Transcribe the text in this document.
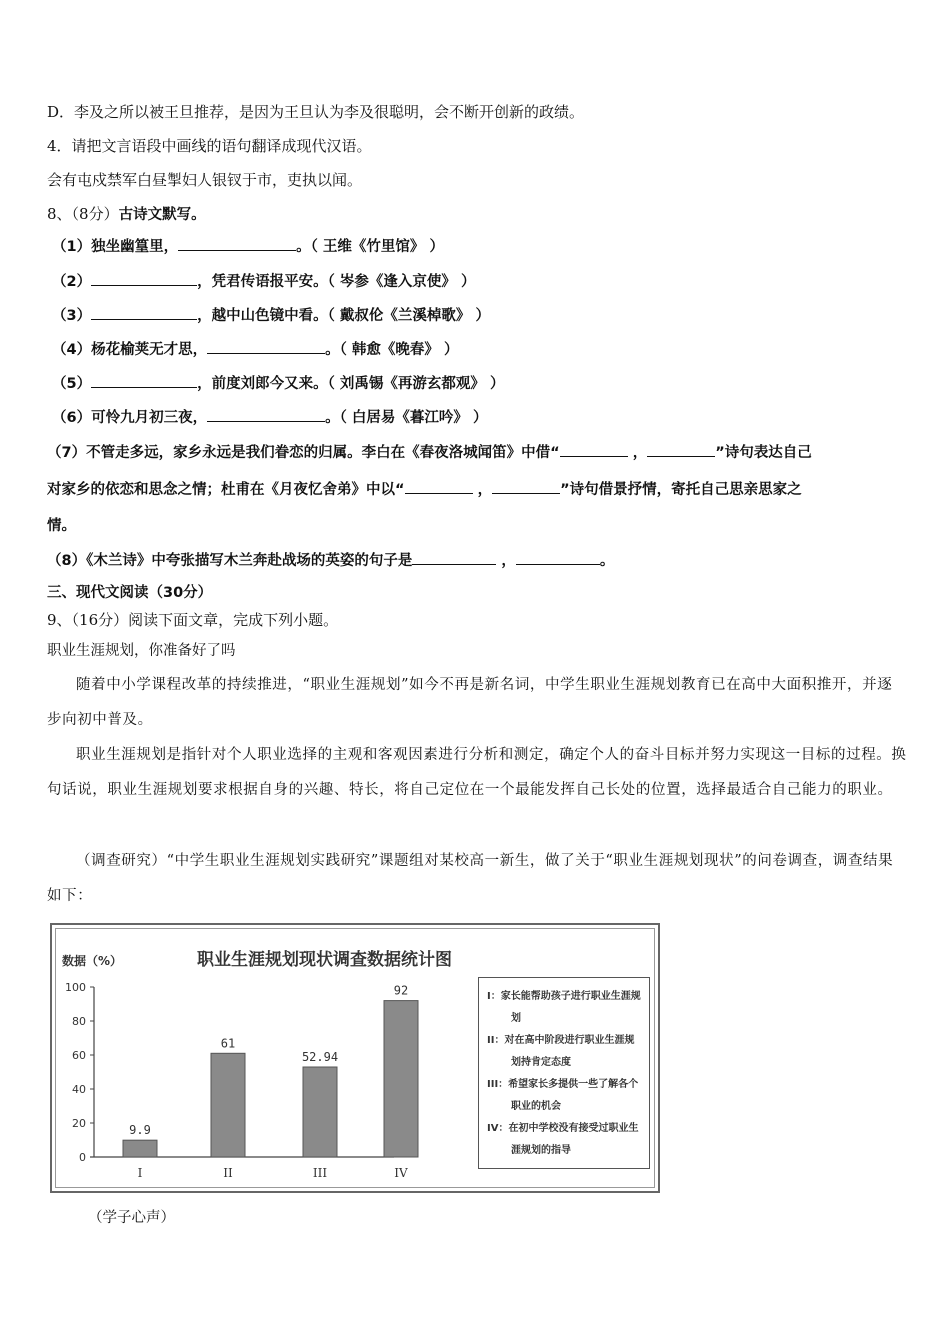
D．李及之所以被王旦推荐，是因为王旦认为李及很聪明，会不断开创新的政绩。
4．请把文言语段中画线的语句翻译成现代汉语。
会有屯戍禁军白昼掣妇人银钗于市，吏执以闻。
8、（8分）古诗文默写。
（1）独坐幽篁里，	。（ 王维《竹里馆》 ）
（2）	，凭君传语报平安。（ 岑参《逢入京使》 ）
（3）	，越中山色镜中看。（ 戴叔伦《兰溪棹歌》 ）
（4）杨花榆荚无才思，	。（ 韩愈《晚春》 ）
（5）	，前度刘郎今又来。（ 刘禹锡《再游玄都观》 ）
（6）可怜九月初三夜，	。（ 白居易《暮江吟》 ）
（7）不管走多远，家乡永远是我们眷恋的归属。李白在《春夜洛城闻笛》中借“	，	”诗句表达自己
对家乡的依恋和思念之情；杜甫在《月夜忆舍弟》中以“	，	”诗句借景抒情，寄托自己思亲思家之
情。
（8）《木兰诗》中夸张描写木兰奔赴战场的英姿的句子是	，	。
三、现代文阅读（30分）
9、（16分）阅读下面文章，完成下列小题。
职业生涯规划，你准备好了吗
随着中小学课程改革的持续推进，“职业生涯规划”如今不再是新名词，中学生职业生涯规划教育已在高中大面积推开，并逐步向初中普及。
职业生涯规划是指针对个人职业选择的主观和客观因素进行分析和测定，确定个人的奋斗目标并努力实现这一目标的过程。换句话说，职业生涯规划要求根据自身的兴趣、特长，将自己定位在一个最能发挥自己长处的位置，选择最适合自己能力的职业。
（调查研究）“中学生职业生涯规划实践研究”课题组对某校高一新生，做了关于“职业生涯规划现状”的问卷调查，调查结果如下：
数据（%）	职业生涯规划现状调查数据统计图
0
20
40
60
80
100
9.9
I
61
II
52.94
III
92
IV
I：家长能帮助孩子进行职业生涯规划
II：对在高中阶段进行职业生涯规划持肯定态度
III：希望家长多提供一些了解各个职业的机会
IV：在初中学校没有接受过职业生涯规划的指导
（学子心声）
